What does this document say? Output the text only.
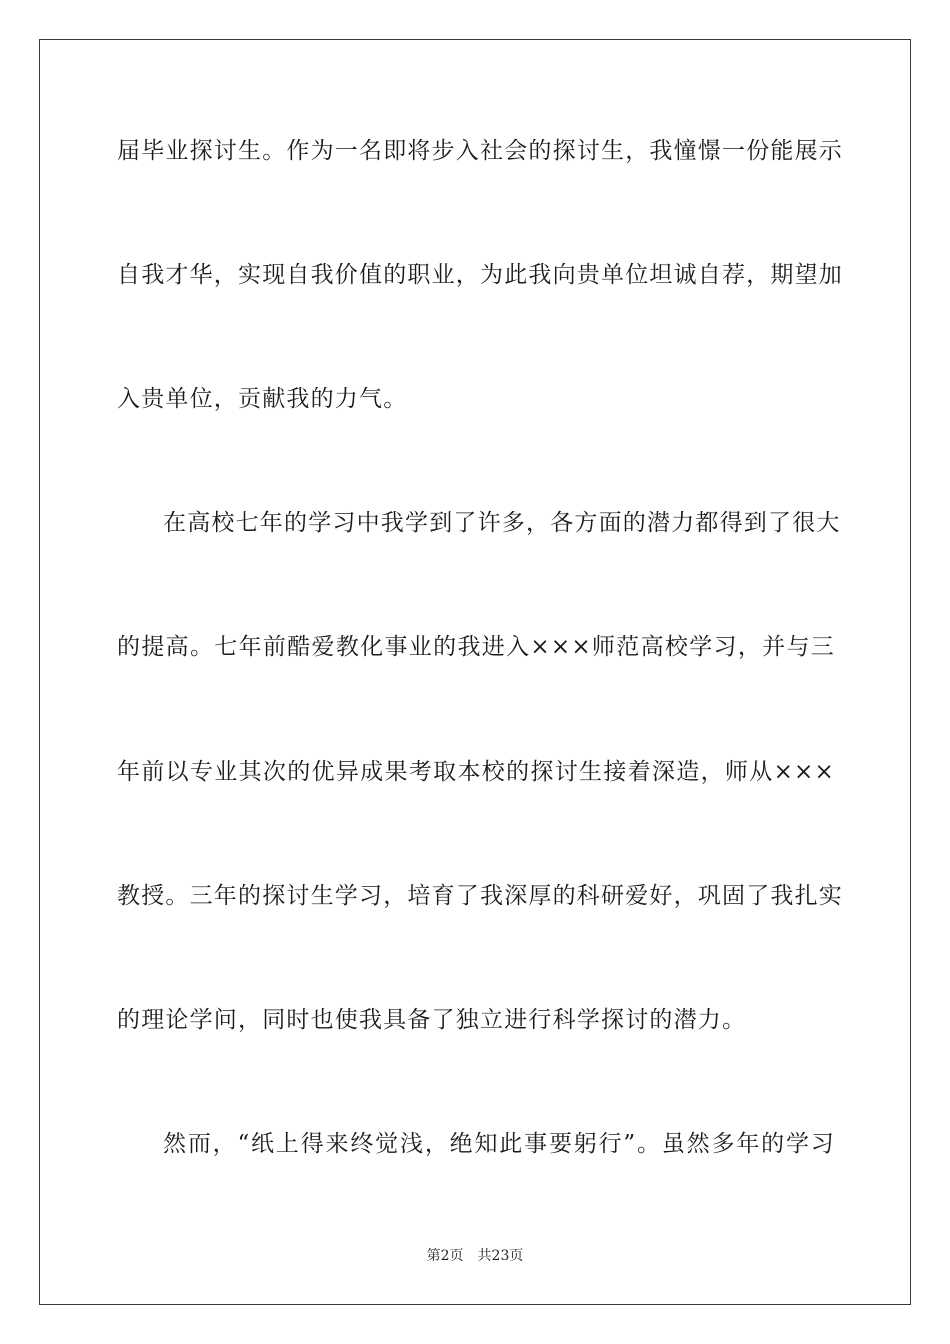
届毕业探讨生。作为一名即将步入社会的探讨生，我憧憬一份能展示
自我才华，实现自我价值的职业，为此我向贵单位坦诚自荐，期望加
入贵单位，贡献我的力气。
在高校七年的学习中我学到了许多，各方面的潜力都得到了很大
的提高。七年前酷爱教化事业的我进入×××师范高校学习，并与三
年前以专业其次的优异成果考取本校的探讨生接着深造，师从×××
教授。三年的探讨生学习，培育了我深厚的科研爱好，巩固了我扎实
的理论学问，同时也使我具备了独立进行科学探讨的潜力。
然而，“纸上得来终觉浅，绝知此事要躬行”。虽然多年的学习
第2页 共23页
